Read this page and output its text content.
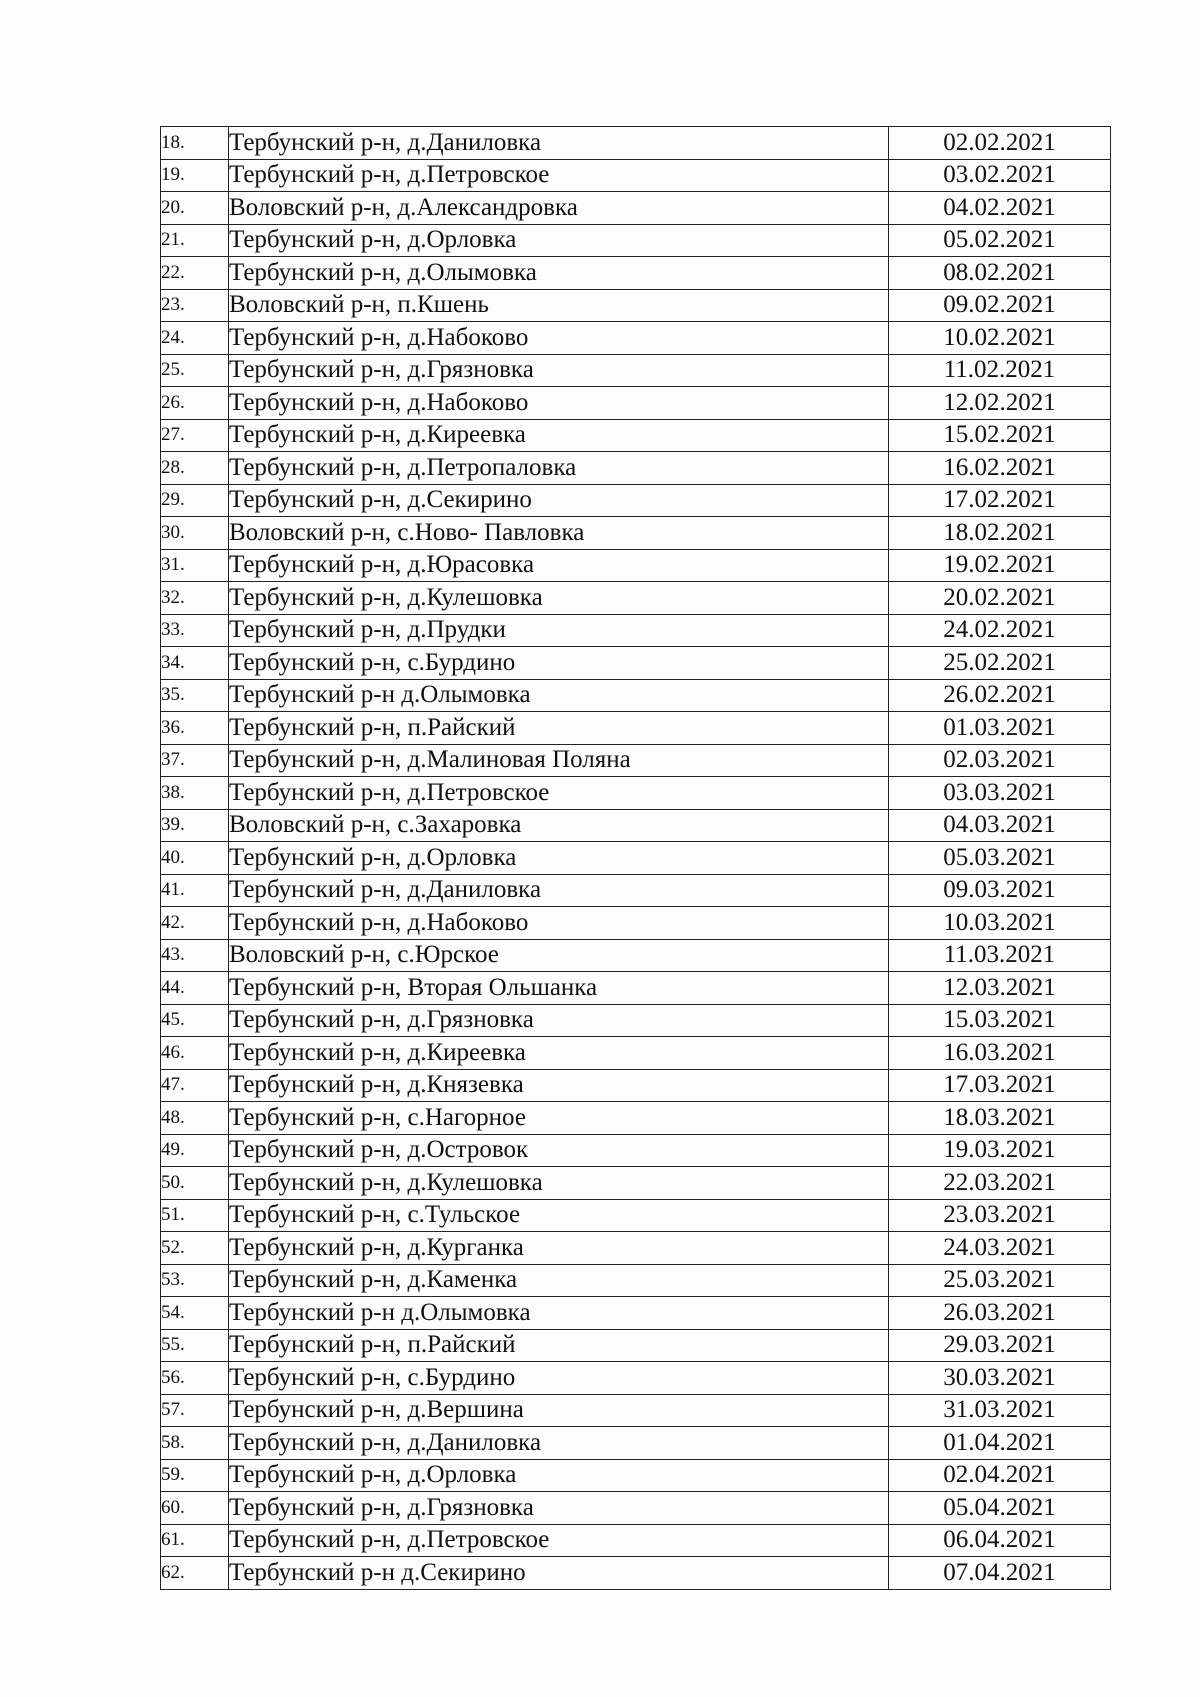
18.	Тербунский р-н, д.Даниловка	02.02.2021
19.	Тербунский р-н, д.Петровское	03.02.2021
20.	Воловский р-н, д.Александровка	04.02.2021
21.	Тербунский р-н, д.Орловка	05.02.2021
22.	Тербунский р-н, д.Олымовка	08.02.2021
23.	Воловский р-н, п.Кшень	09.02.2021
24.	Тербунский р-н, д.Набоково	10.02.2021
25.	Тербунский р-н, д.Грязновка	11.02.2021
26.	Тербунский р-н, д.Набоково	12.02.2021
27.	Тербунский р-н, д.Киреевка	15.02.2021
28.	Тербунский р-н, д.Петропаловка	16.02.2021
29.	Тербунский р-н, д.Секирино	17.02.2021
30.	Воловский р-н, с.Ново- Павловка	18.02.2021
31.	Тербунский р-н, д.Юрасовка	19.02.2021
32.	Тербунский р-н, д.Кулешовка	20.02.2021
33.	Тербунский р-н, д.Прудки	24.02.2021
34.	Тербунский р-н, с.Бурдино	25.02.2021
35.	Тербунский р-н д.Олымовка	26.02.2021
36.	Тербунский р-н, п.Райский	01.03.2021
37.	Тербунский р-н, д.Малиновая Поляна	02.03.2021
38.	Тербунский р-н, д.Петровское	03.03.2021
39.	Воловский р-н, с.Захаровка	04.03.2021
40.	Тербунский р-н, д.Орловка	05.03.2021
41.	Тербунский р-н, д.Даниловка	09.03.2021
42.	Тербунский р-н, д.Набоково	10.03.2021
43.	Воловский р-н, с.Юрское	11.03.2021
44.	Тербунский р-н, Вторая Ольшанка	12.03.2021
45.	Тербунский р-н, д.Грязновка	15.03.2021
46.	Тербунский р-н, д.Киреевка	16.03.2021
47.	Тербунский р-н, д.Князевка	17.03.2021
48.	Тербунский р-н, с.Нагорное	18.03.2021
49.	Тербунский р-н, д.Островок	19.03.2021
50.	Тербунский р-н, д.Кулешовка	22.03.2021
51.	Тербунский р-н, с.Тульское	23.03.2021
52.	Тербунский р-н, д.Курганка	24.03.2021
53.	Тербунский р-н, д.Каменка	25.03.2021
54.	Тербунский р-н д.Олымовка	26.03.2021
55.	Тербунский р-н, п.Райский	29.03.2021
56.	Тербунский р-н, с.Бурдино	30.03.2021
57.	Тербунский р-н, д.Вершина	31.03.2021
58.	Тербунский р-н, д.Даниловка	01.04.2021
59.	Тербунский р-н, д.Орловка	02.04.2021
60.	Тербунский р-н, д.Грязновка	05.04.2021
61.	Тербунский р-н, д.Петровское	06.04.2021
62.	Тербунский р-н д.Секирино	07.04.2021
